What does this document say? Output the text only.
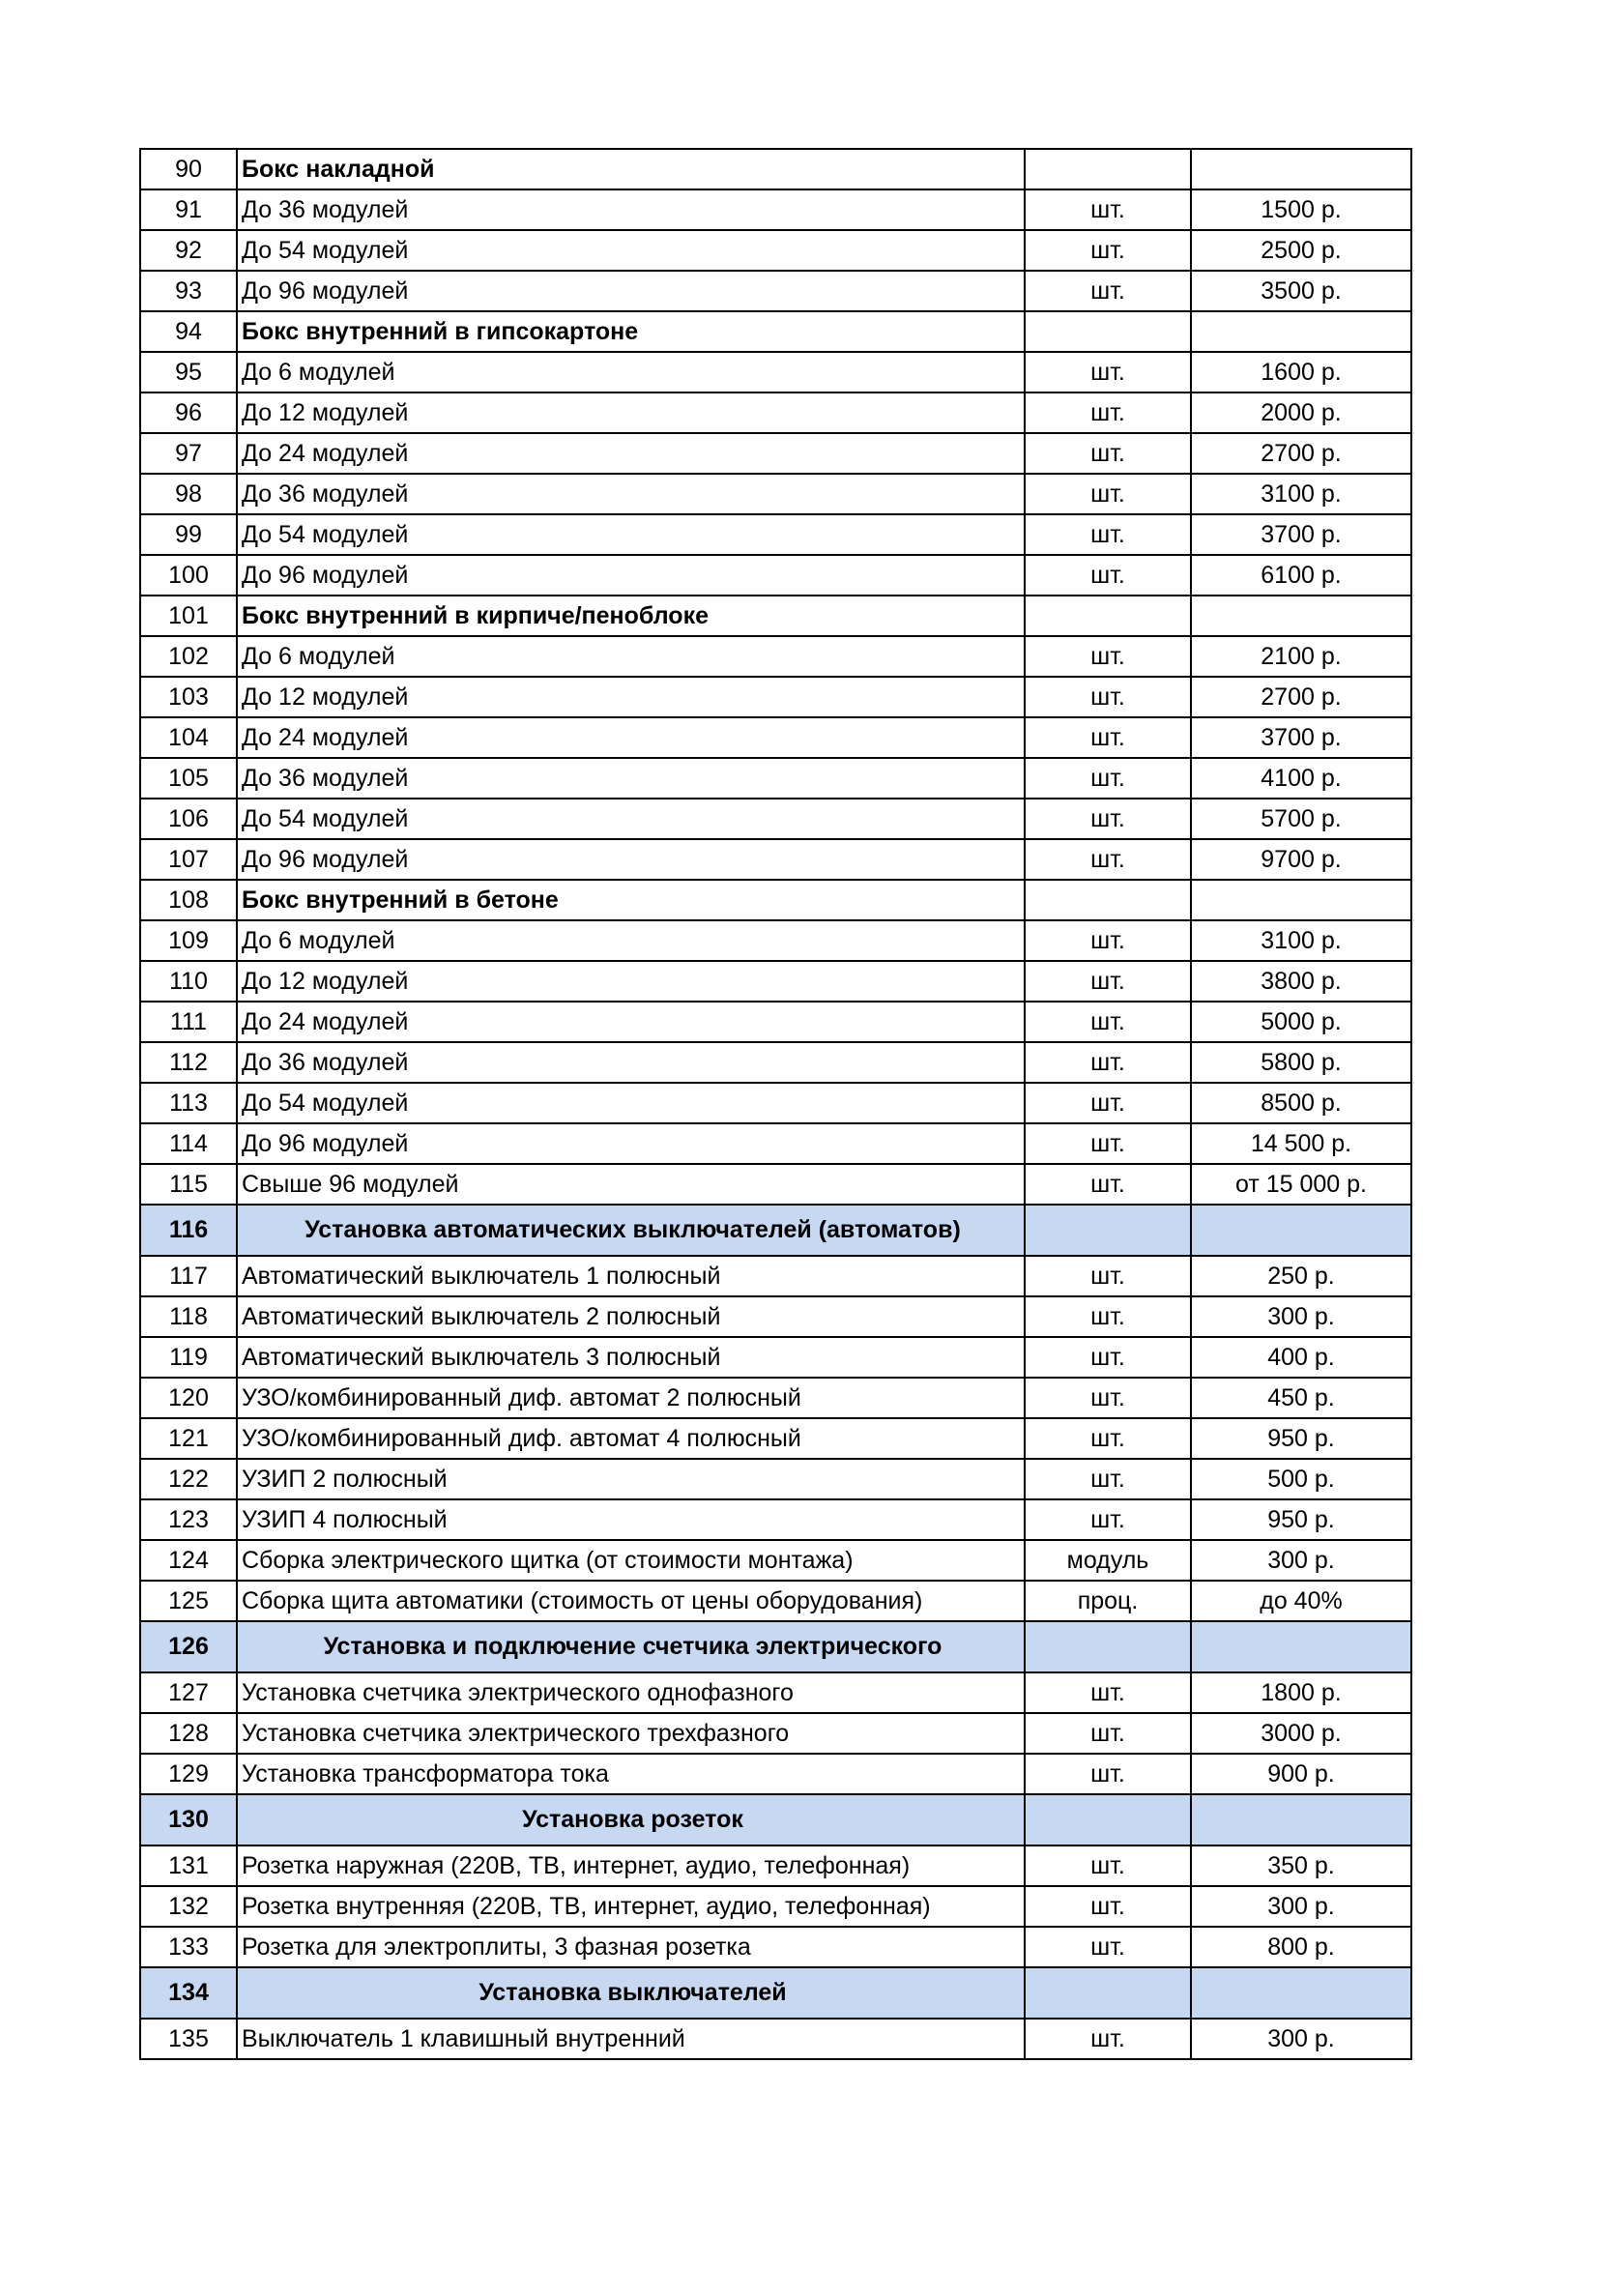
90	Бокс накладной		
91	До 36 модулей	шт.	1500 р.
92	До 54 модулей	шт.	2500 р.
93	До 96 модулей	шт.	3500 р.
94	Бокс внутренний в гипсокартоне		
95	До 6 модулей	шт.	1600 р.
96	До 12 модулей	шт.	2000 р.
97	До 24 модулей	шт.	2700 р.
98	До 36 модулей	шт.	3100 р.
99	До 54 модулей	шт.	3700 р.
100	До 96 модулей	шт.	6100 р.
101	Бокс внутренний в кирпиче/пеноблоке		
102	До 6 модулей	шт.	2100 р.
103	До 12 модулей	шт.	2700 р.
104	До 24 модулей	шт.	3700 р.
105	До 36 модулей	шт.	4100 р.
106	До 54 модулей	шт.	5700 р.
107	До 96 модулей	шт.	9700 р.
108	Бокс внутренний в бетоне		
109	До 6 модулей	шт.	3100 р.
110	До 12 модулей	шт.	3800 р.
111	До 24 модулей	шт.	5000 р.
112	До 36 модулей	шт.	5800 р.
113	До 54 модулей	шт.	8500 р.
114	До 96 модулей	шт.	14 500 р.
115	Свыше 96 модулей	шт.	от 15 000 р.
116	Установка автоматических выключателей (автоматов)		
117	Автоматический выключатель 1 полюсный	шт.	250 р.
118	Автоматический выключатель 2 полюсный	шт.	300 р.
119	Автоматический выключатель 3 полюсный	шт.	400 р.
120	УЗО/комбинированный диф. автомат 2 полюсный	шт.	450 р.
121	УЗО/комбинированный диф. автомат 4 полюсный	шт.	950 р.
122	УЗИП 2 полюсный	шт.	500 р.
123	УЗИП 4 полюсный	шт.	950 р.
124	Сборка электрического щитка (от стоимости монтажа)	модуль	300 р.
125	Сборка щита автоматики (стоимость от цены оборудования)	проц.	до 40%
126	Установка и подключение счетчика электрического		
127	Установка счетчика электрического однофазного	шт.	1800 р.
128	Установка счетчика электрического трехфазного	шт.	3000 р.
129	Установка трансформатора тока	шт.	900 р.
130	Установка розеток		
131	Розетка наружная (220В, ТВ, интернет, аудио, телефонная)	шт.	350 р.
132	Розетка внутренняя (220В, ТВ, интернет, аудио, телефонная)	шт.	300 р.
133	Розетка для электроплиты, 3 фазная розетка	шт.	800 р.
134	Установка выключателей		
135	Выключатель 1 клавишный внутренний	шт.	300 р.
